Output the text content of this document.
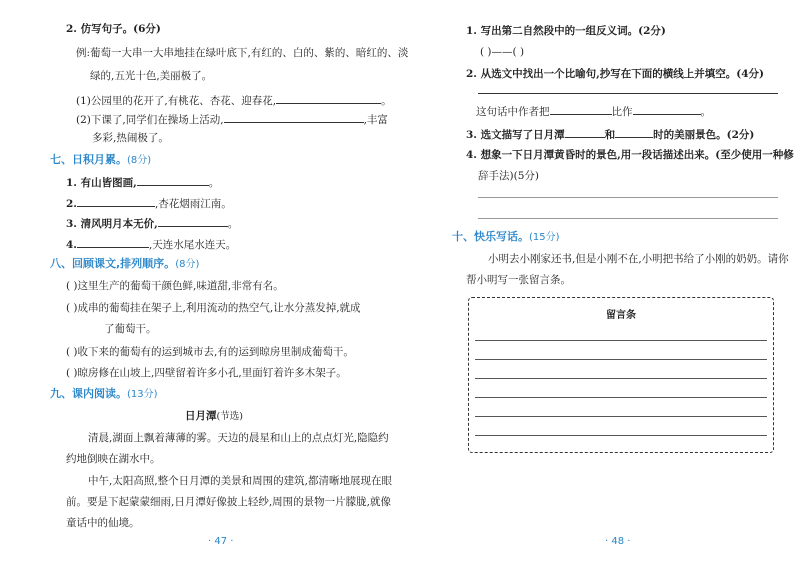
2. 仿写句子。(6分)
例:葡萄一大串一大串地挂在绿叶底下,有红的、白的、紫的、暗红的、淡
绿的,五光十色,美丽极了。
(1)公园里的花开了,有桃花、杏花、迎春花,	。
(2)下课了,同学们在操场上活动,	,丰富
多彩,热闹极了。
七、日积月累。(8分)
1. 有山皆图画,	。
2.	,杏花烟雨江南。
3. 清风明月本无价,	。
4.	,天连水尾水连天。
八、回顾课文,排列顺序。(8分)
( )这里生产的葡萄干颜色鲜,味道甜,非常有名。
( )成串的葡萄挂在架子上,利用流动的热空气,让水分蒸发掉,就成
了葡萄干。
( )收下来的葡萄有的运到城市去,有的运到晾房里制成葡萄干。
( )晾房修在山坡上,四壁留着许多小孔,里面钉着许多木架子。
九、课内阅读。(13分)
日月潭(节选)
清晨,湖面上飘着薄薄的雾。天边的晨星和山上的点点灯光,隐隐约
约地倒映在湖水中。
中午,太阳高照,整个日月潭的美景和周围的建筑,都清晰地展现在眼
前。要是下起蒙蒙细雨,日月潭好像披上轻纱,周围的景物一片朦胧,就像
童话中的仙境。
· 47 ·
1. 写出第二自然段中的一组反义词。(2分)
( )——( )
2. 从选文中找出一个比喻句,抄写在下面的横线上并填空。(4分)
这句话中作者把	比作	。
3. 选文描写了日月潭	和	时的美丽景色。(2分)
4. 想象一下日月潭黄昏时的景色,用一段话描述出来。(至少使用一种修
辞手法)(5分)
十、快乐写话。(15分)
小明去小刚家还书,但是小刚不在,小明把书给了小刚的奶奶。请你
帮小明写一张留言条。
留言条
· 48 ·
